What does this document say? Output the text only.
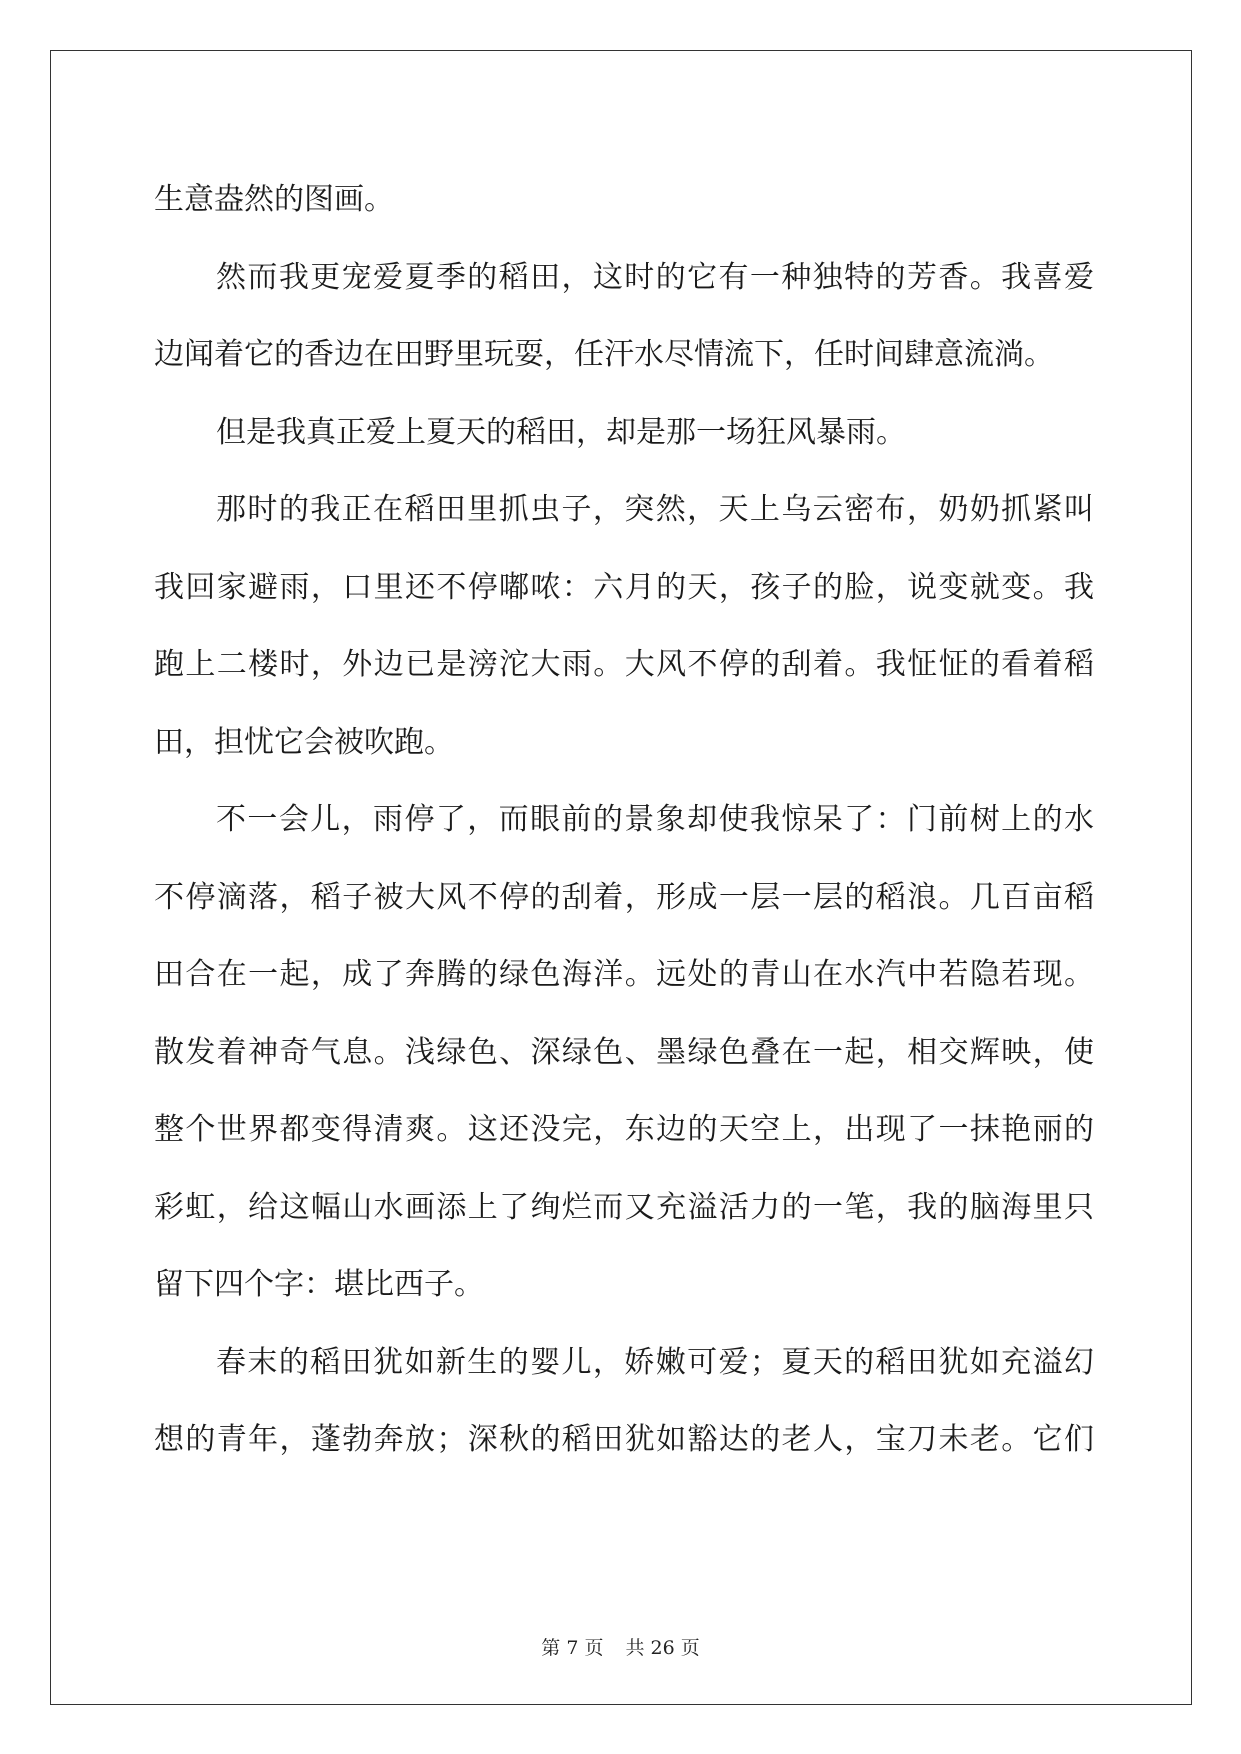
生意盎然的图画。
然而我更宠爱夏季的稻田，这时的它有一种独特的芳香。我喜爱
边闻着它的香边在田野里玩耍，任汗水尽情流下，任时间肆意流淌。
但是我真正爱上夏天的稻田，却是那一场狂风暴雨。
那时的我正在稻田里抓虫子，突然，天上乌云密布，奶奶抓紧叫
我回家避雨，口里还不停嘟哝：六月的天，孩子的脸，说变就变。我
跑上二楼时，外边已是滂沱大雨。大风不停的刮着。我怔怔的看着稻
田，担忧它会被吹跑。
不一会儿，雨停了，而眼前的景象却使我惊呆了：门前树上的水
不停滴落，稻子被大风不停的刮着，形成一层一层的稻浪。几百亩稻
田合在一起，成了奔腾的绿色海洋。远处的青山在水汽中若隐若现。
散发着神奇气息。浅绿色、深绿色、墨绿色叠在一起，相交辉映，使
整个世界都变得清爽。这还没完，东边的天空上，出现了一抹艳丽的
彩虹，给这幅山水画添上了绚烂而又充溢活力的一笔，我的脑海里只
留下四个字：堪比西子。
春末的稻田犹如新生的婴儿，娇嫩可爱；夏天的稻田犹如充溢幻
想的青年，蓬勃奔放；深秋的稻田犹如豁达的老人，宝刀未老。它们
第 7 页 共 26 页
